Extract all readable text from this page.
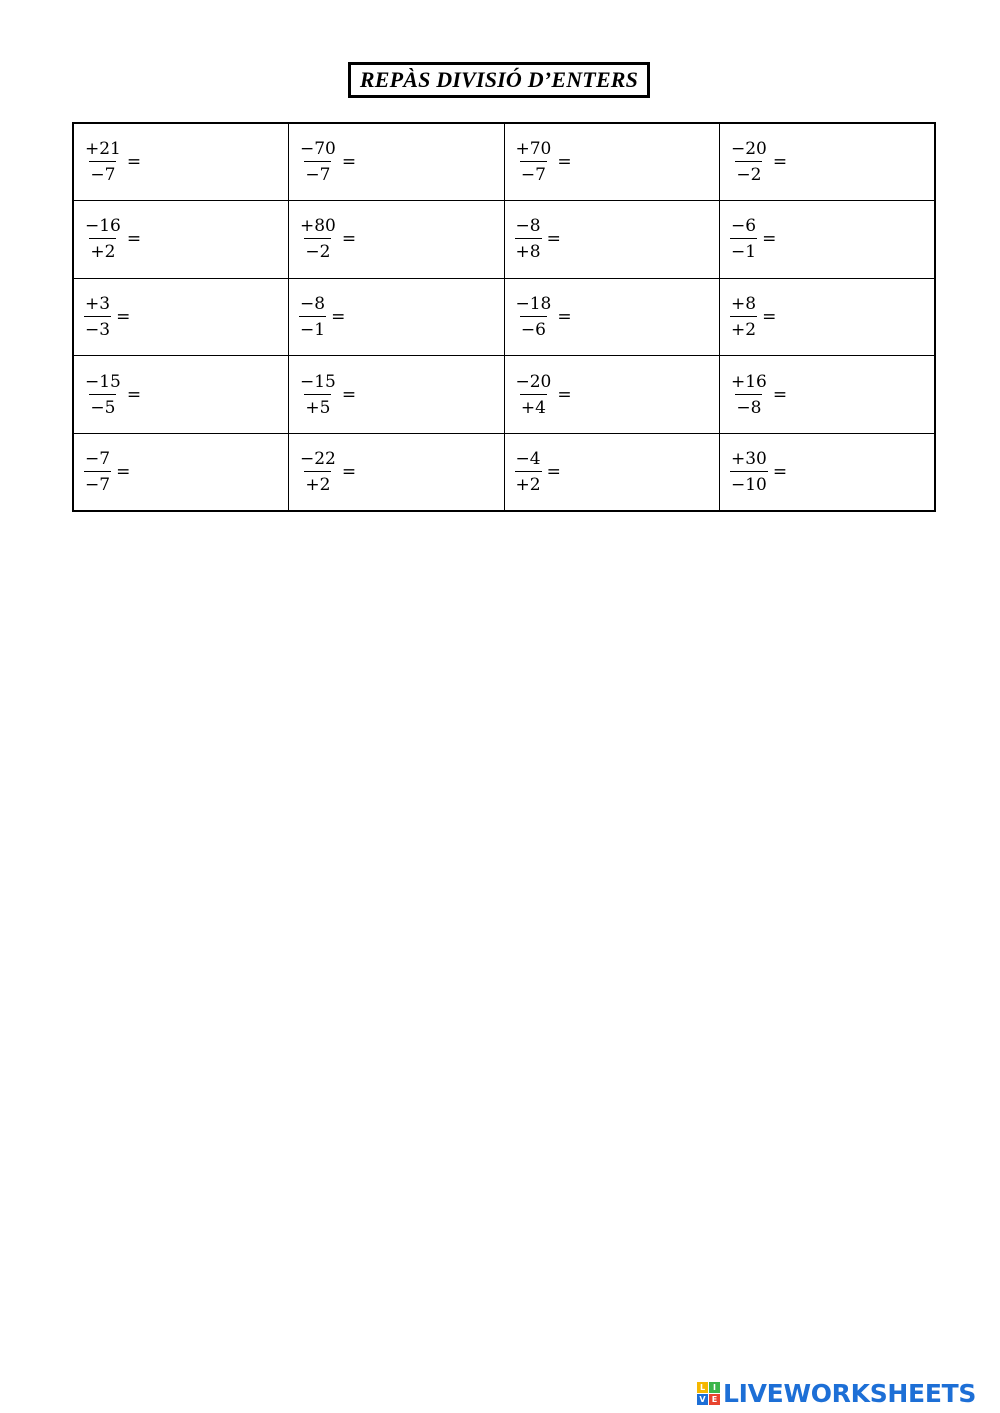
REPÀS DIVISIÓ D’ENTERS
$\frac{+21}{-7}$ =	$\frac{-70}{-7}$ =	$\frac{+70}{-7}$ =	$\frac{-20}{-2}$ =

$\frac{-16}{+2}$ =	$\frac{+80}{-2}$ =	$\frac{-8}{+8}$ =	$\frac{-6}{-1}$ =

$\frac{+3}{-3}$ =	$\frac{-8}{-1}$ =	$\frac{-18}{-6}$ =	$\frac{+8}{+2}$ =

$\frac{-15}{-5}$ =	$\frac{-15}{+5}$ =	$\frac{-20}{+4}$ =	$\frac{+16}{-8}$ =

$\frac{-7}{-7}$ =	$\frac{-22}{+2}$ =	$\frac{-4}{+2}$ =	$\frac{+30}{-10}$ =
L I
V E LIVEWORKSHEETS
